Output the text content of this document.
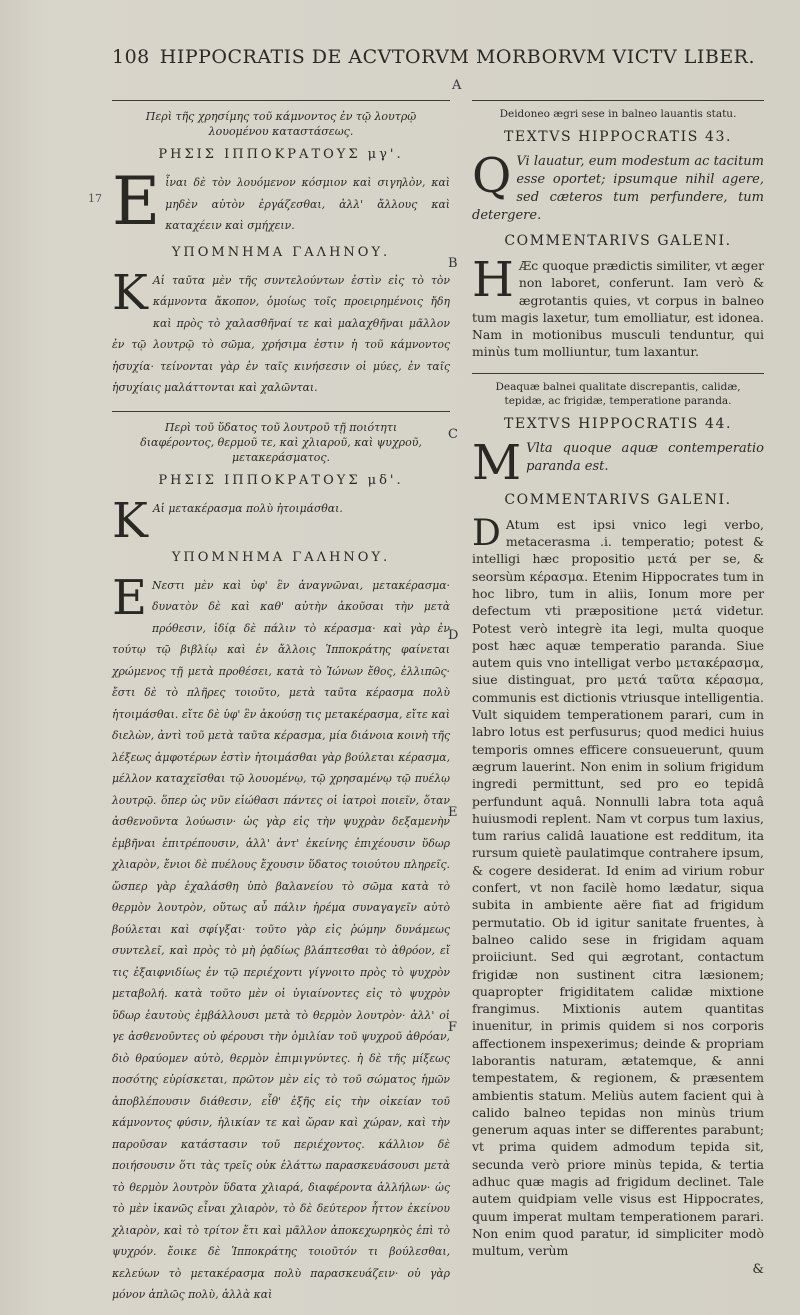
108 HIPPOCRATIS DE ACVTORVM MORBORVM VICTV LIBER.
A
B
C
D
E
F
17
Περὶ τῆς χρησίμης τοῦ κάμνοντος ἐν τῷ λουτρῷ λουομένου καταστάσεως.
ΡΗΣΙΣ ΙΠΠΟΚΡΑΤΟΥΣ μγ'.
Eἶναι δὲ τὸν λουόμενον κόσμιον καὶ σιγηλὸν, καὶ μηδὲν αὐτὸν ἐργάζεσθαι, ἀλλ' ἄλλους καὶ καταχέειν καὶ σμήχειν.
ΥΠΟΜΝΗΜΑ ΓΑΛΗΝΟΥ.
K Αἰ ταῦτα μὲν τῆς συντελούντων ἐστὶν εἰς τὸ τὸν κάμνοντα ἄκοπον, ὁμοίως τοῖς προειρημένοις ἤδη καὶ πρὸς τὸ χαλασθῆναί τε καὶ μαλαχθῆναι μᾶλλον ἐν τῷ λουτρῷ τὸ σῶμα, χρήσιμα ἐστιν ἡ τοῦ κάμνοντος ἡσυχία· τείνονται γὰρ ἐν ταῖς κινήσεσιν οἱ μύες, ἐν ταῖς ἡσυχίαις μαλάττονται καὶ χαλῶνται.
Περὶ τοῦ ὕδατος τοῦ λουτροῦ τῇ ποιότητι διαφέροντος, θερμοῦ τε, καὶ χλιαροῦ, καὶ ψυχροῦ, μετακεράσματος.
ΡΗΣΙΣ ΙΠΠΟΚΡΑΤΟΥΣ μδ'.
K Αἰ μετακέρασμα πολὺ ἡτοιμάσθαι.
ΥΠΟΜΝΗΜΑ ΓΑΛΗΝΟΥ.
E Νεστι μὲν καὶ ὑφ' ἓν ἀναγνῶναι, μετακέρασμα· δυνατὸν δὲ καὶ καθ' αὐτὴν ἀκοῦσαι τὴν μετὰ πρόθεσιν, ἰδίᾳ δὲ πάλιν τὸ κέρασμα· καὶ γὰρ ἐν τούτῳ τῷ βιβλίῳ καὶ ἐν ἄλλοις Ἱπποκράτης φαίνεται χρώμενος τῇ μετὰ προθέσει, κατὰ τὸ Ἰώνων ἔθος, ἐλλιπῶς· ἔστι δὲ τὸ πλῆρες τοιοῦτο, μετὰ ταῦτα κέρασμα πολὺ ἡτοιμάσθαι. εἴτε δὲ ὑφ' ἓν ἀκούσῃ τις μετακέρασμα, εἴτε καὶ διελὼν, ἀντὶ τοῦ μετὰ ταῦτα κέρασμα, μία διάνοια κοινὴ τῆς λέξεως ἀμφοτέρων ἐστὶν ἡτοιμάσθαι γὰρ βούλεται κέρασμα, μέλλον καταχεῖσθαι τῷ λουομένῳ, τῷ χρησαμένῳ τῷ πυέλῳ λουτρῷ. ὅπερ ὡς νῦν εἰώθασι πάντες οἱ ἰατροὶ ποιεῖν, ὅταν ἀσθενοῦντα λούωσιν· ὡς γὰρ εἰς τὴν ψυχρὰν δεξαμενὴν ἐμβῆναι ἐπιτρέπουσιν, ἀλλ' ἀντ' ἐκείνης ἐπιχέουσιν ὕδωρ χλιαρὸν, ἔνιοι δὲ πυέλους ἔχουσιν ὕδατος τοιούτου πληρεῖς. ὥσπερ γὰρ ἐχαλάσθη ὑπὸ βαλανείου τὸ σῶμα κατὰ τὸ θερμὸν λουτρὸν, οὕτως αὖ πάλιν ἠρέμα συναγαγεῖν αὐτὸ βούλεται καὶ σφίγξαι· τοῦτο γὰρ εἰς ῥώμην δυνάμεως συντελεῖ, καὶ πρὸς τὸ μὴ ῥᾳδίως βλάπτεσθαι τὸ ἀθρόον, εἴ τις ἐξαιφνιδίως ἐν τῷ περιέχοντι γίγνοιτο πρὸς τὸ ψυχρὸν μεταβολή. κατὰ τοῦτο μὲν οἱ ὑγιαίνοντες εἰς τὸ ψυχρὸν ὕδωρ ἑαυτοὺς ἐμβάλλουσι μετὰ τὸ θερμὸν λουτρὸν· ἀλλ' οἱ γε ἀσθενοῦντες οὐ φέρουσι τὴν ὁμιλίαν τοῦ ψυχροῦ ἀθρόαν, διὸ θραύομεν αὐτὸ, θερμὸν ἐπιμιγνύντες. ἡ δὲ τῆς μίξεως ποσότης εὑρίσκεται, πρῶτον μὲν εἰς τὸ τοῦ σώματος ἡμῶν ἀποβλέπουσιν διάθεσιν, εἶθ' ἑξῆς εἰς τὴν οἰκείαν τοῦ κάμνοντος φύσιν, ἡλικίαν τε καὶ ὥραν καὶ χώραν, καὶ τὴν παροῦσαν κατάστασιν τοῦ περιέχοντος. κάλλιον δὲ ποιήσουσιν ὅτι τὰς τρεῖς οὐκ ἐλάττω παρασκευάσουσι μετὰ τὸ θερμὸν λουτρὸν ὕδατα χλιαρά, διαφέροντα ἀλλήλων· ὡς τὸ μὲν ἱκανῶς εἶναι χλιαρὸν, τὸ δὲ δεύτερον ἧττον ἐκείνου χλιαρὸν, καὶ τὸ τρίτον ἔτι καὶ μᾶλλον ἀποκεχωρηκὸς ἐπὶ τὸ ψυχρόν. ἔοικε δὲ Ἱπποκράτης τοιοῦτόν τι βούλεσθαι, κελεύων τὸ μετακέρασμα πολὺ παρασκευάζειν· οὐ γὰρ μόνον ἁπλῶς πολὺ, ἀλλὰ καὶ
Deidoneo ægri sese in balneo lauantis statu.
TEXTVS HIPPOCRATIS 43.
Q Vi lauatur, eum modestum ac tacitum esse oportet; ipsumque nihil agere, sed cæteros tum perfundere, tum detergere.
COMMENTARIVS GALENI.
H Æc quoque prædictis similiter, vt æger non laboret, conferunt. Iam verò & ægrotantis quies, vt corpus in balneo tum magis laxetur, tum emolliatur, est idonea. Nam in motionibus musculi tenduntur, qui minùs tum molliuntur, tum laxantur.
Deaquæ balnei qualitate discrepantis, calidæ, tepidæ, ac frigidæ, temperatione paranda.
TEXTVS HIPPOCRATIS 44.
M Vlta quoque aquæ contemperatio paranda est.
COMMENTARIVS GALENI.
D Atum est ipsi vnico legi verbo, metacerasma .i. temperatio; potest & intelligi hæc propositio μετά per se, & seorsùm κέρασμα. Etenim Hippocrates tum in hoc libro, tum in aliis, Ionum more per defectum vti præpositione μετά videtur. Potest verò integrè ita legi, multa quoque post hæc aquæ temperatio paranda. Siue autem quis vno intelligat verbo μετακέρασμα, siue distinguat, pro μετά ταῦτα κέρασμα, communis est dictionis vtriusque intelligentia. Vult siquidem temperationem parari, cum in labro lotus est perfusurus; quod medici huius temporis omnes efficere consueuerunt, quum ægrum lauerint. Non enim in solium frigidum ingredi permittunt, sed pro eo tepidâ perfundunt aquâ. Nonnulli labra tota aquâ huiusmodi replent. Nam vt corpus tum laxius, tum rarius calidâ lauatione est redditum, ita rursum quietè paulatimque contrahere ipsum, & cogere desiderat. Id enim ad virium robur confert, vt non facilè homo lædatur, siqua subita in ambiente aëre fiat ad frigidum permutatio. Ob id igitur sanitate fruentes, à balneo calido sese in frigidam aquam proiiciunt. Sed qui ægrotant, contactum frigidæ non sustinent citra læsionem; quapropter frigiditatem calidæ mixtione frangimus. Mixtionis autem quantitas inuenitur, in primis quidem si nos corporis affectionem inspexerimus; deinde & propriam laborantis naturam, ætatemque, & anni tempestatem, & regionem, & præsentem ambientis statum. Meliùs autem facient qui à calido balneo tepidas non minùs trium generum aquas inter se differentes parabunt; vt prima quidem admodum tepida sit, secunda verò priore minùs tepida, & tertia adhuc quæ magis ad frigidum declinet. Tale autem quidpiam velle visus est Hippocrates, quum imperat multam temperationem parari. Non enim quod paratur, id simpliciter modò multum, verùm
&
